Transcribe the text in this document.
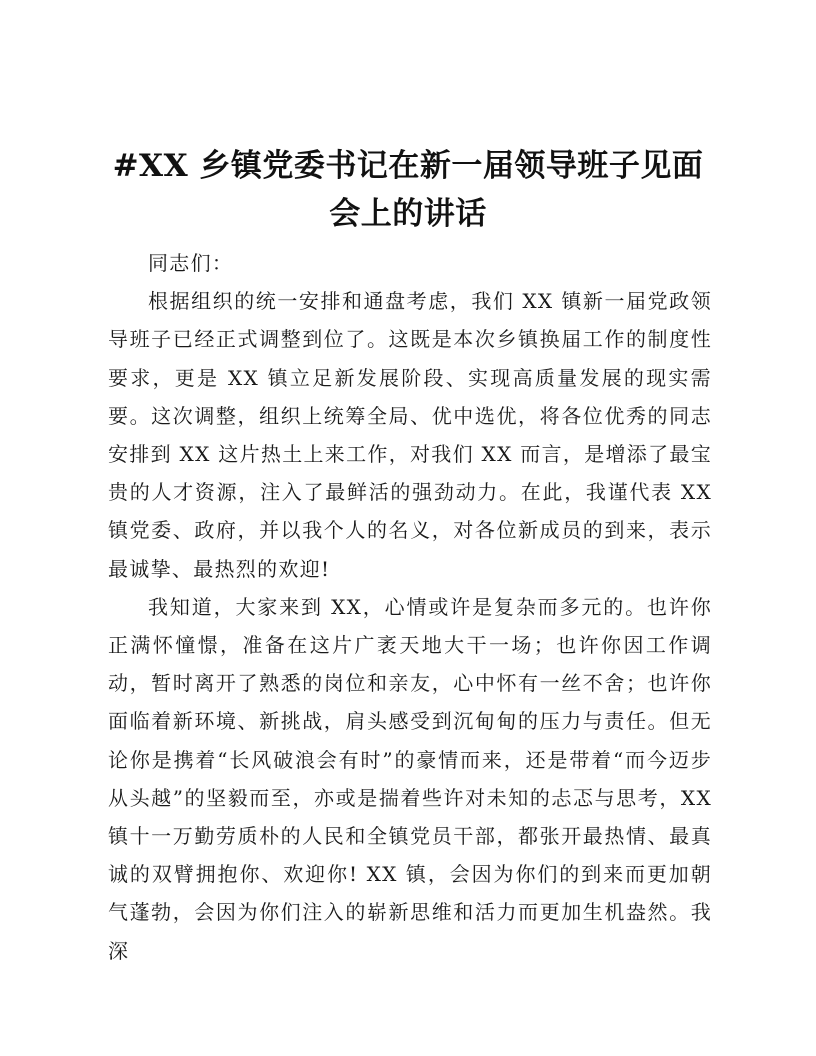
#XX 乡镇党委书记在新一届领导班子见面会上的讲话

同志们：

根据组织的统一安排和通盘考虑，我们 XX 镇新一届党政领导班子已经正式调整到位了。这既是本次乡镇换届工作的制度性要求，更是 XX 镇立足新发展阶段、实现高质量发展的现实需要。这次调整，组织上统筹全局、优中选优，将各位优秀的同志安排到 XX 这片热土上来工作，对我们 XX 而言，是增添了最宝贵的人才资源，注入了最鲜活的强劲动力。在此，我谨代表 XX 镇党委、政府，并以我个人的名义，对各位新成员的到来，表示最诚挚、最热烈的欢迎!

我知道，大家来到 XX，心情或许是复杂而多元的。也许你正满怀憧憬，准备在这片广袤天地大干一场；也许你因工作调动，暂时离开了熟悉的岗位和亲友，心中怀有一丝不舍；也许你面临着新环境、新挑战，肩头感受到沉甸甸的压力与责任。但无论你是携着“长风破浪会有时”的豪情而来，还是带着“而今迈步从头越”的坚毅而至，亦或是揣着些许对未知的忐忑与思考，XX 镇十一万勤劳质朴的人民和全镇党员干部，都张开最热情、最真诚的双臂拥抱你、欢迎你! XX 镇，会因为你们的到来而更加朝气蓬勃，会因为你们注入的崭新思维和活力而更加生机盎然。我深
